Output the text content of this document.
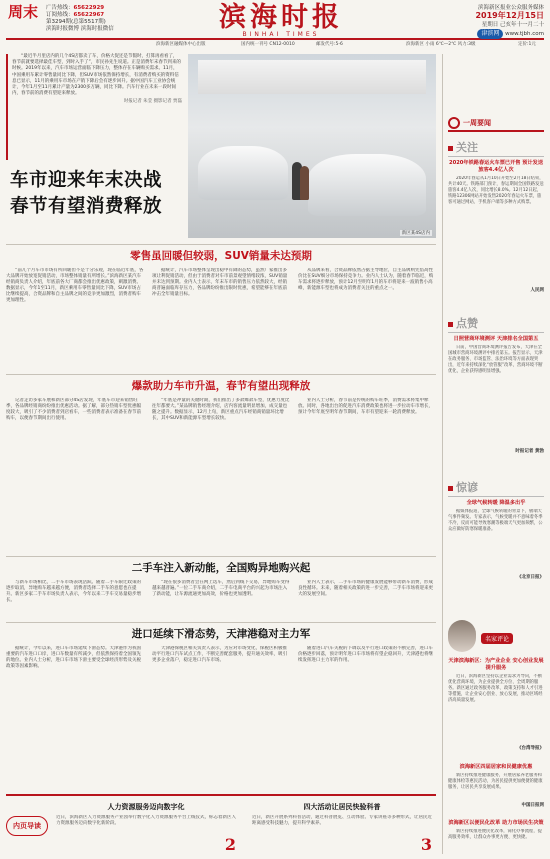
周末	广告热线：65622929
订阅热线：65622967
第3294期(总第5517期)
滨海时报微博 滨海时报微信	滨海时报
BINHAI TIMES
滨海新区报业公众服务媒体
2019年12月15日
星期日 己亥年十一月二十
津滨网 www.tjbh.com
滨海新区融媒体中心出版	国内统一刊号 CN12-0010	邮发代号:5-6	滨海新区 小雨 6℃—2℃ 风力:3级	定价:1元
“最近半月里店内的几个4S店都卖了车，价格大促还是节假时，打算再看看了，春节前就要选择最佳车型，到时入手了”，市民孙先生说道。正是消费年末春节到来的时候。2019年以来，汽车市场运营面临下降压力，整体存在车辆购买需求。11月，中国乘用车累计零售量同比下降，但SUV市场依然保持增长，有消费者购买的资料信息已显示，11月的乘用车市场在产销下降后会有逐步回升。据中国汽车工业协会统计，今年1月至11月累计产量为2300多万辆，同比下降。汽车行业在未来一段时间内，春节前的消费有望迎来释放。
时报记者 朱莹 摄影记者 贾磊
新区某4S店内
车市迎来年末决战
春节有望消费释放
零售虽回暖但较弱，SUV销量未达预期
“前几个月车市市场有所回暖但不是十分乐观，现在临近年底，各大品牌开始放宽促销活动，市场整体销量有所增长。”滨海新区某汽车经销商负责人介绍，年底前各大厂商都会推出优惠政策，刺激消费。数据显示，今年1至11月，新区乘用车零售量同比下降，SUV市场占比继续提高，合资品牌和自主品牌之间的竞争更加激烈，消费者购车更加理性。
据统计，汽车市场整体呈现出稳中有降的态势，虽然厂家推出多项让利促销活动，但由于消费者对车市前景观望情绪较浓，SUV销量并未达到预期。业内人士表示，年末车市的销售压力依然较大，经销商普遍面临库存压力，各品牌纷纷推出限时优惠，希望能够在年底前冲击全年销量目标。
从品牌来看，合资品牌依然占据主导地位，自主品牌则凭借高性价比在SUV细分市场保持竞争力。业内人士认为，随着春节临近，购车需求将逐步释放，预计12月至明年1月的车市将迎来一波销售小高峰，新能源车型也将成为消费者关注的重点之一。
爆款助力车市升温，春节有望出现释放
记者走访多家车展和新区部分4S店发现，年底车市迎来销售旺季，各品牌经销商纷纷推出优惠活动。据了解，部分热销车型优惠幅度较大，吸引了不少消费者到店看车，一些消费者表示准备在春节前购车，以便春节期间出行使用。
“年底是冲量的关键时期，我们推出了多款爆款车型，优惠力度比往年都要大。”某品牌销售经理介绍，店内客流量明显增加，成交量也随之提升。数据显示，12月上旬，新区重点汽车经销商销量环比增长，其中SUV和新能源车型增长较快。
业内人士分析，春节前是传统的购车旺季，消费需求将集中释放。同时，各地出台的促进汽车消费政策也将进一步拉动车市增长，预计今年年底至明年春节期间，车市有望迎来一轮消费释放。
二手车注入新动能，全国购异地购兴起
与新车市场相比，二手车市场表现活跃。随着二手车限迁政策的逐步取消，异地购车越来越方便，消费者选择二手车的意愿也在提升。新区多家二手车市场负责人表示，今年以来二手车交易量稳步增长。
“现在很多消费者会在网上选车，然后到线下交易，异地购车变得越来越普遍。”一位二手车商介绍，二手车电商平台的兴起为市场注入了新动能，让车源流通更加高效，价格也更加透明。
业内人士表示，二手车市场的健康发展能够带动新车消费，形成良性循环。未来，随着相关政策的进一步完善，二手车市场将迎来更大的发展空间。
进口延续下滑态势，天津港稳对主力军
据统计，今年以来，进口车市场延续下滑态势。天津港作为我国重要的汽车进口口岸，进口车数量有所减少，但依然保持着全国领先的地位。业内人士分析，进口车市场下滑主要受全球经济形势及关税政策等因素影响。
天津港保税区相关负责人表示，为应对市场变化，保税区积极推动平行进口汽车试点工作，不断完善配套服务，提升通关效率，吸引更多企业落户，稳定进口汽车市场。
随着进口汽车关税的下调以及平行进口政策的不断完善，进口车价格逐步回落，预计明年进口车市场将有望企稳回升，天津港也将继续发挥进口主力军的作用。
内页导读
人力资源服务迈向数字化
近日，滨海新区人力资源服务产业园举行数字化人力资源服务平台上线仪式，标志着新区人力资源服务迈向数字化新阶段。
2
四大活动让居民快验科普
近日，新区开展系列科普活动，通过科普展览、互动体验、专家讲座等多种形式，让居民近距离感受科技魅力，提升科学素养。
3
一周要闻
关注
2020年铁路春运火车票已开售 预计发送旅客4.4亿人次
2020年春运从1月10日开始至2月18日结束，共计40天。铁路部门预计，春运期间全国铁路发送旅客4.4亿人次，同比增长8.0%。12月12日起，铁路12306网站开始发售2020年春运火车票，旅客可通过网站、手机客户端等多种方式购票。
人民网
点赞
日照营商环境测评 天津排名全国第五
日前，中国营商环境测评报告发布，天津在全国城市营商环境测评中排名第五。报告显示，天津在政务服务、市场监管、法治环境等方面表现突出，近年来持续深化“放管服”改革，营商环境不断优化，企业获得感明显增强。
时报记者 黄勃
惊谚
全球气候转暖 降温多出乎
据媒体报道，全球气候转暖的背景下，极端天气事件频发。专家表示，气候变暖并不意味着冬季不冷，反而可能导致寒潮等极端天气更加频繁，公众应做好防寒保暖准备。
《北京日报》
名家评论
天津滨海新区：为产业企业 安心创业发展提升服务
近日，滨海新区坚持以企业需求为导向，不断优化营商环境，为企业提供全方位、全周期的服务。新区通过政务服务改革、政策支持和人才引进等措施，让企业安心创业、放心发展，推动区域经济高质量发展。
《台湾导报》
滨海新区四届居家和民健康优惠
新区持续推进健康服务，开展居家养老服务和健康体检等惠民活动，为居民提供更加便捷的健康服务，让居民共享发展成果。
中国日报网
滨海新区以便民化改革 助力市场民生决策
新区持续推进便民化改革，简化办事流程，提高服务效率，让群众办事更方便、更快捷。
